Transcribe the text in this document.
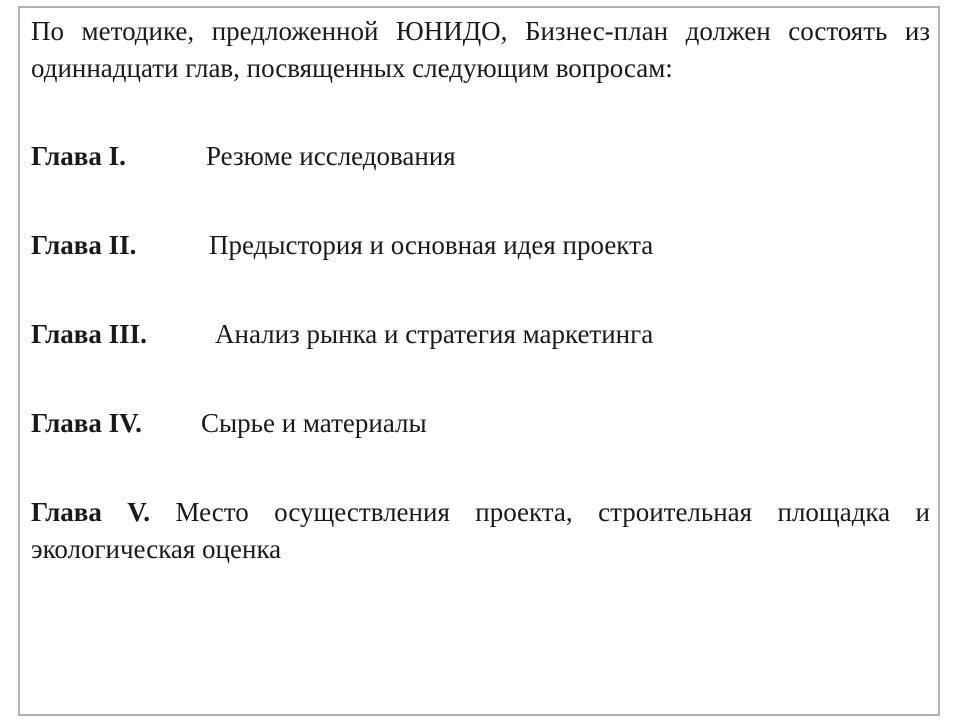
По методике, предложенной ЮНИДО, Бизнес-план должен состоять из одиннадцати глав, посвященных следующим вопросам:

Глава I.	Резюме исследования
Глава II.	Предыстория и основная идея проекта
Глава III.	Анализ рынка и стратегия маркетинга
Глава IV. Сырье и материалы
Глава V. Место осуществления проекта, строительная площадка и экологическая оценка
